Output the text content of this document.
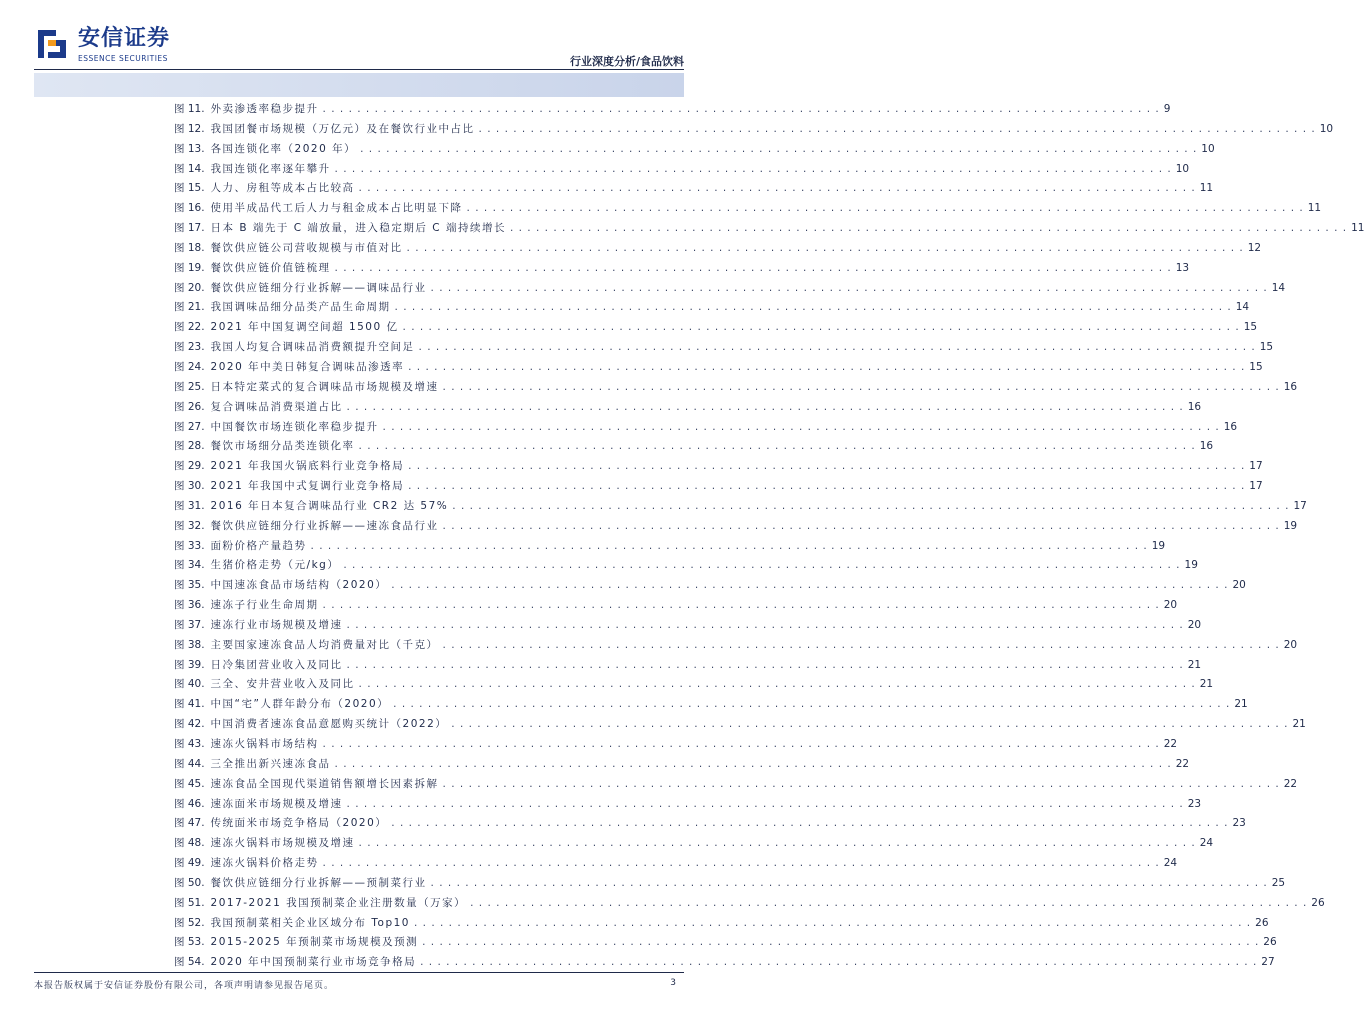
安信证券
ESSENCE SECURITIES	行业深度分析/食品饮料
图 11. 外卖渗透率稳步提升 . . .	9
图 12. 我国团餐市场规模（万亿元）及在餐饮行业中占比 . . .	10
图 13. 各国连锁化率（2020 年） . . .	10
图 14. 我国连锁化率逐年攀升 . . .	10
图 15. 人力、房租等成本占比较高 . . .	11
图 16. 使用半成品代工后人力与租金成本占比明显下降 . . .	11
图 17. 日本 B 端先于 C 端放量，进入稳定期后 C 端持续增长 . . .	11
图 18. 餐饮供应链公司营收规模与市值对比 . . .	12
图 19. 餐饮供应链价值链梳理 . . .	13
图 20. 餐饮供应链细分行业拆解——调味品行业 . . .	14
图 21. 我国调味品细分品类产品生命周期 . . .	14
图 22. 2021 年中国复调空间超 1500 亿 . . .	15
图 23. 我国人均复合调味品消费额提升空间足 . . .	15
图 24. 2020 年中美日韩复合调味品渗透率 . . .	15
图 25. 日本特定菜式的复合调味品市场规模及增速 . . .	16
图 26. 复合调味品消费渠道占比 . . .	16
图 27. 中国餐饮市场连锁化率稳步提升 . . .	16
图 28. 餐饮市场细分品类连锁化率 . . .	16
图 29. 2021 年我国火锅底料行业竞争格局 . . .	17
图 30. 2021 年我国中式复调行业竞争格局 . . .	17
图 31. 2016 年日本复合调味品行业 CR2 达 57% . . .	17
图 32. 餐饮供应链细分行业拆解——速冻食品行业 . . .	19
图 33. 面粉价格产量趋势 . . .	19
图 34. 生猪价格走势（元/kg） . . .	19
图 35. 中国速冻食品市场结构（2020） . . .	20
图 36. 速冻子行业生命周期 . . .	20
图 37. 速冻行业市场规模及增速 . . .	20
图 38. 主要国家速冻食品人均消费量对比（千克） . . .	20
图 39. 日冷集团营业收入及同比 . . .	21
图 40. 三全、安井营业收入及同比 . . .	21
图 41. 中国“宅”人群年龄分布（2020） . . .	21
图 42. 中国消费者速冻食品意愿购买统计（2022） . . .	21
图 43. 速冻火锅料市场结构 . . .	22
图 44. 三全推出新兴速冻食品 . . .	22
图 45. 速冻食品全国现代渠道销售额增长因素拆解 . . .	22
图 46. 速冻面米市场规模及增速 . . .	23
图 47. 传统面米市场竞争格局（2020） . . .	23
图 48. 速冻火锅料市场规模及增速 . . .	24
图 49. 速冻火锅料价格走势 . . .	24
图 50. 餐饮供应链细分行业拆解——预制菜行业 . . .	25
图 51. 2017-2021 我国预制菜企业注册数量（万家） . . .	26
图 52. 我国预制菜相关企业区域分布 Top10 . . .	26
图 53. 2015-2025 年预制菜市场规模及预测 . . .	26
图 54. 2020 年中国预制菜行业市场竞争格局 . . .	27
本报告版权属于安信证券股份有限公司，各项声明请参见报告尾页。	3
